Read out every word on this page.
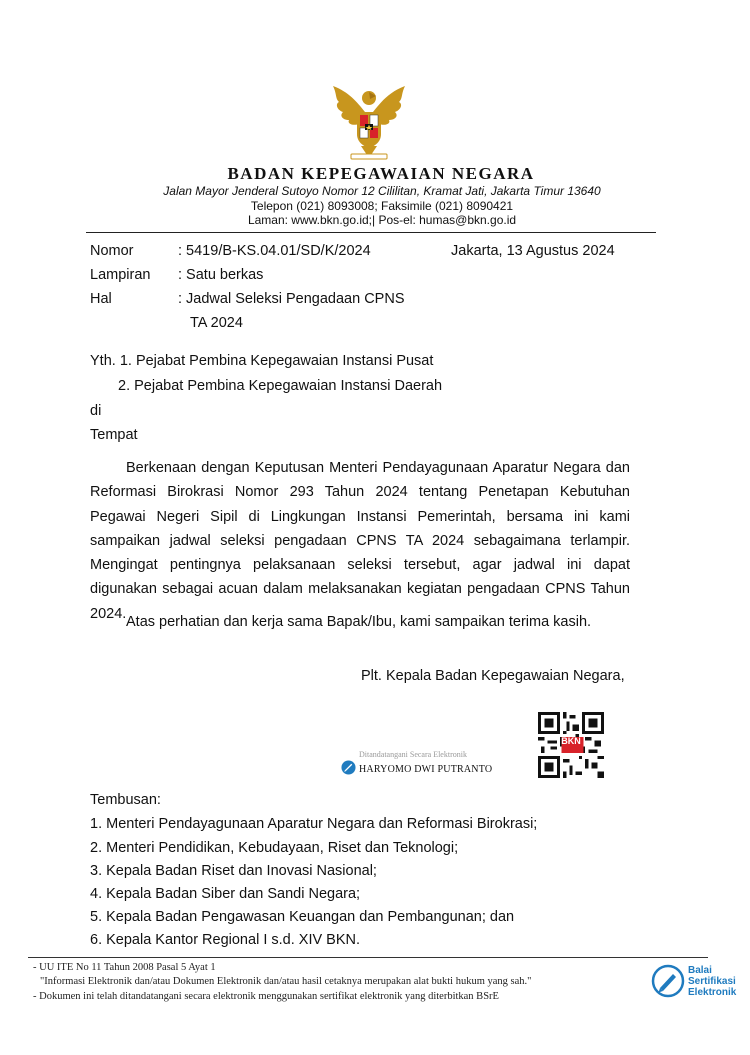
BADAN KEPEGAWAIAN NEGARA
Jalan Mayor Jenderal Sutoyo Nomor 12 Cililitan, Kramat Jati, Jakarta Timur 13640
Telepon (021) 8093008; Faksimile (021) 8090421
Laman: www.bkn.go.id;| Pos-el: humas@bkn.go.id
Nomor	: 5419/B-KS.04.01/SD/K/2024	Jakarta, 13 Agustus 2024
Lampiran : Satu berkas
Hal	: Jadwal Seleksi Pengadaan CPNS
TA 2024
Yth. 1. Pejabat Pembina Kepegawaian Instansi Pusat
2. Pejabat Pembina Kepegawaian Instansi Daerah
di
Tempat
Berkenaan dengan Keputusan Menteri Pendayagunaan Aparatur Negara dan Reformasi Birokrasi Nomor 293 Tahun 2024 tentang Penetapan Kebutuhan Pegawai Negeri Sipil di Lingkungan Instansi Pemerintah, bersama ini kami sampaikan jadwal seleksi pengadaan CPNS TA 2024 sebagaimana terlampir. Mengingat pentingnya pelaksanaan seleksi tersebut, agar jadwal ini dapat digunakan sebagai acuan dalam melaksanakan kegiatan pengadaan CPNS Tahun 2024.
Atas perhatian dan kerja sama Bapak/Ibu, kami sampaikan terima kasih.
Plt. Kepala Badan Kepegawaian Negara,
BKN
Ditandatangani Secara Elektronik
HARYOMO DWI PUTRANTO
Tembusan:
1. Menteri Pendayagunaan Aparatur Negara dan Reformasi Birokrasi;
2. Menteri Pendidikan, Kebudayaan, Riset dan Teknologi;
3. Kepala Badan Riset dan Inovasi Nasional;
4. Kepala Badan Siber dan Sandi Negara;
5. Kepala Badan Pengawasan Keuangan dan Pembangunan; dan
6. Kepala Kantor Regional I s.d. XIV BKN.
- UU ITE No 11 Tahun 2008 Pasal 5 Ayat 1
"Informasi Elektronik dan/atau Dokumen Elektronik dan/atau hasil cetaknya merupakan alat bukti hukum yang sah."
- Dokumen ini telah ditandatangani secara elektronik menggunakan sertifikat elektronik yang diterbitkan BSrE
Balai
Sertifikasi
Elektronik
